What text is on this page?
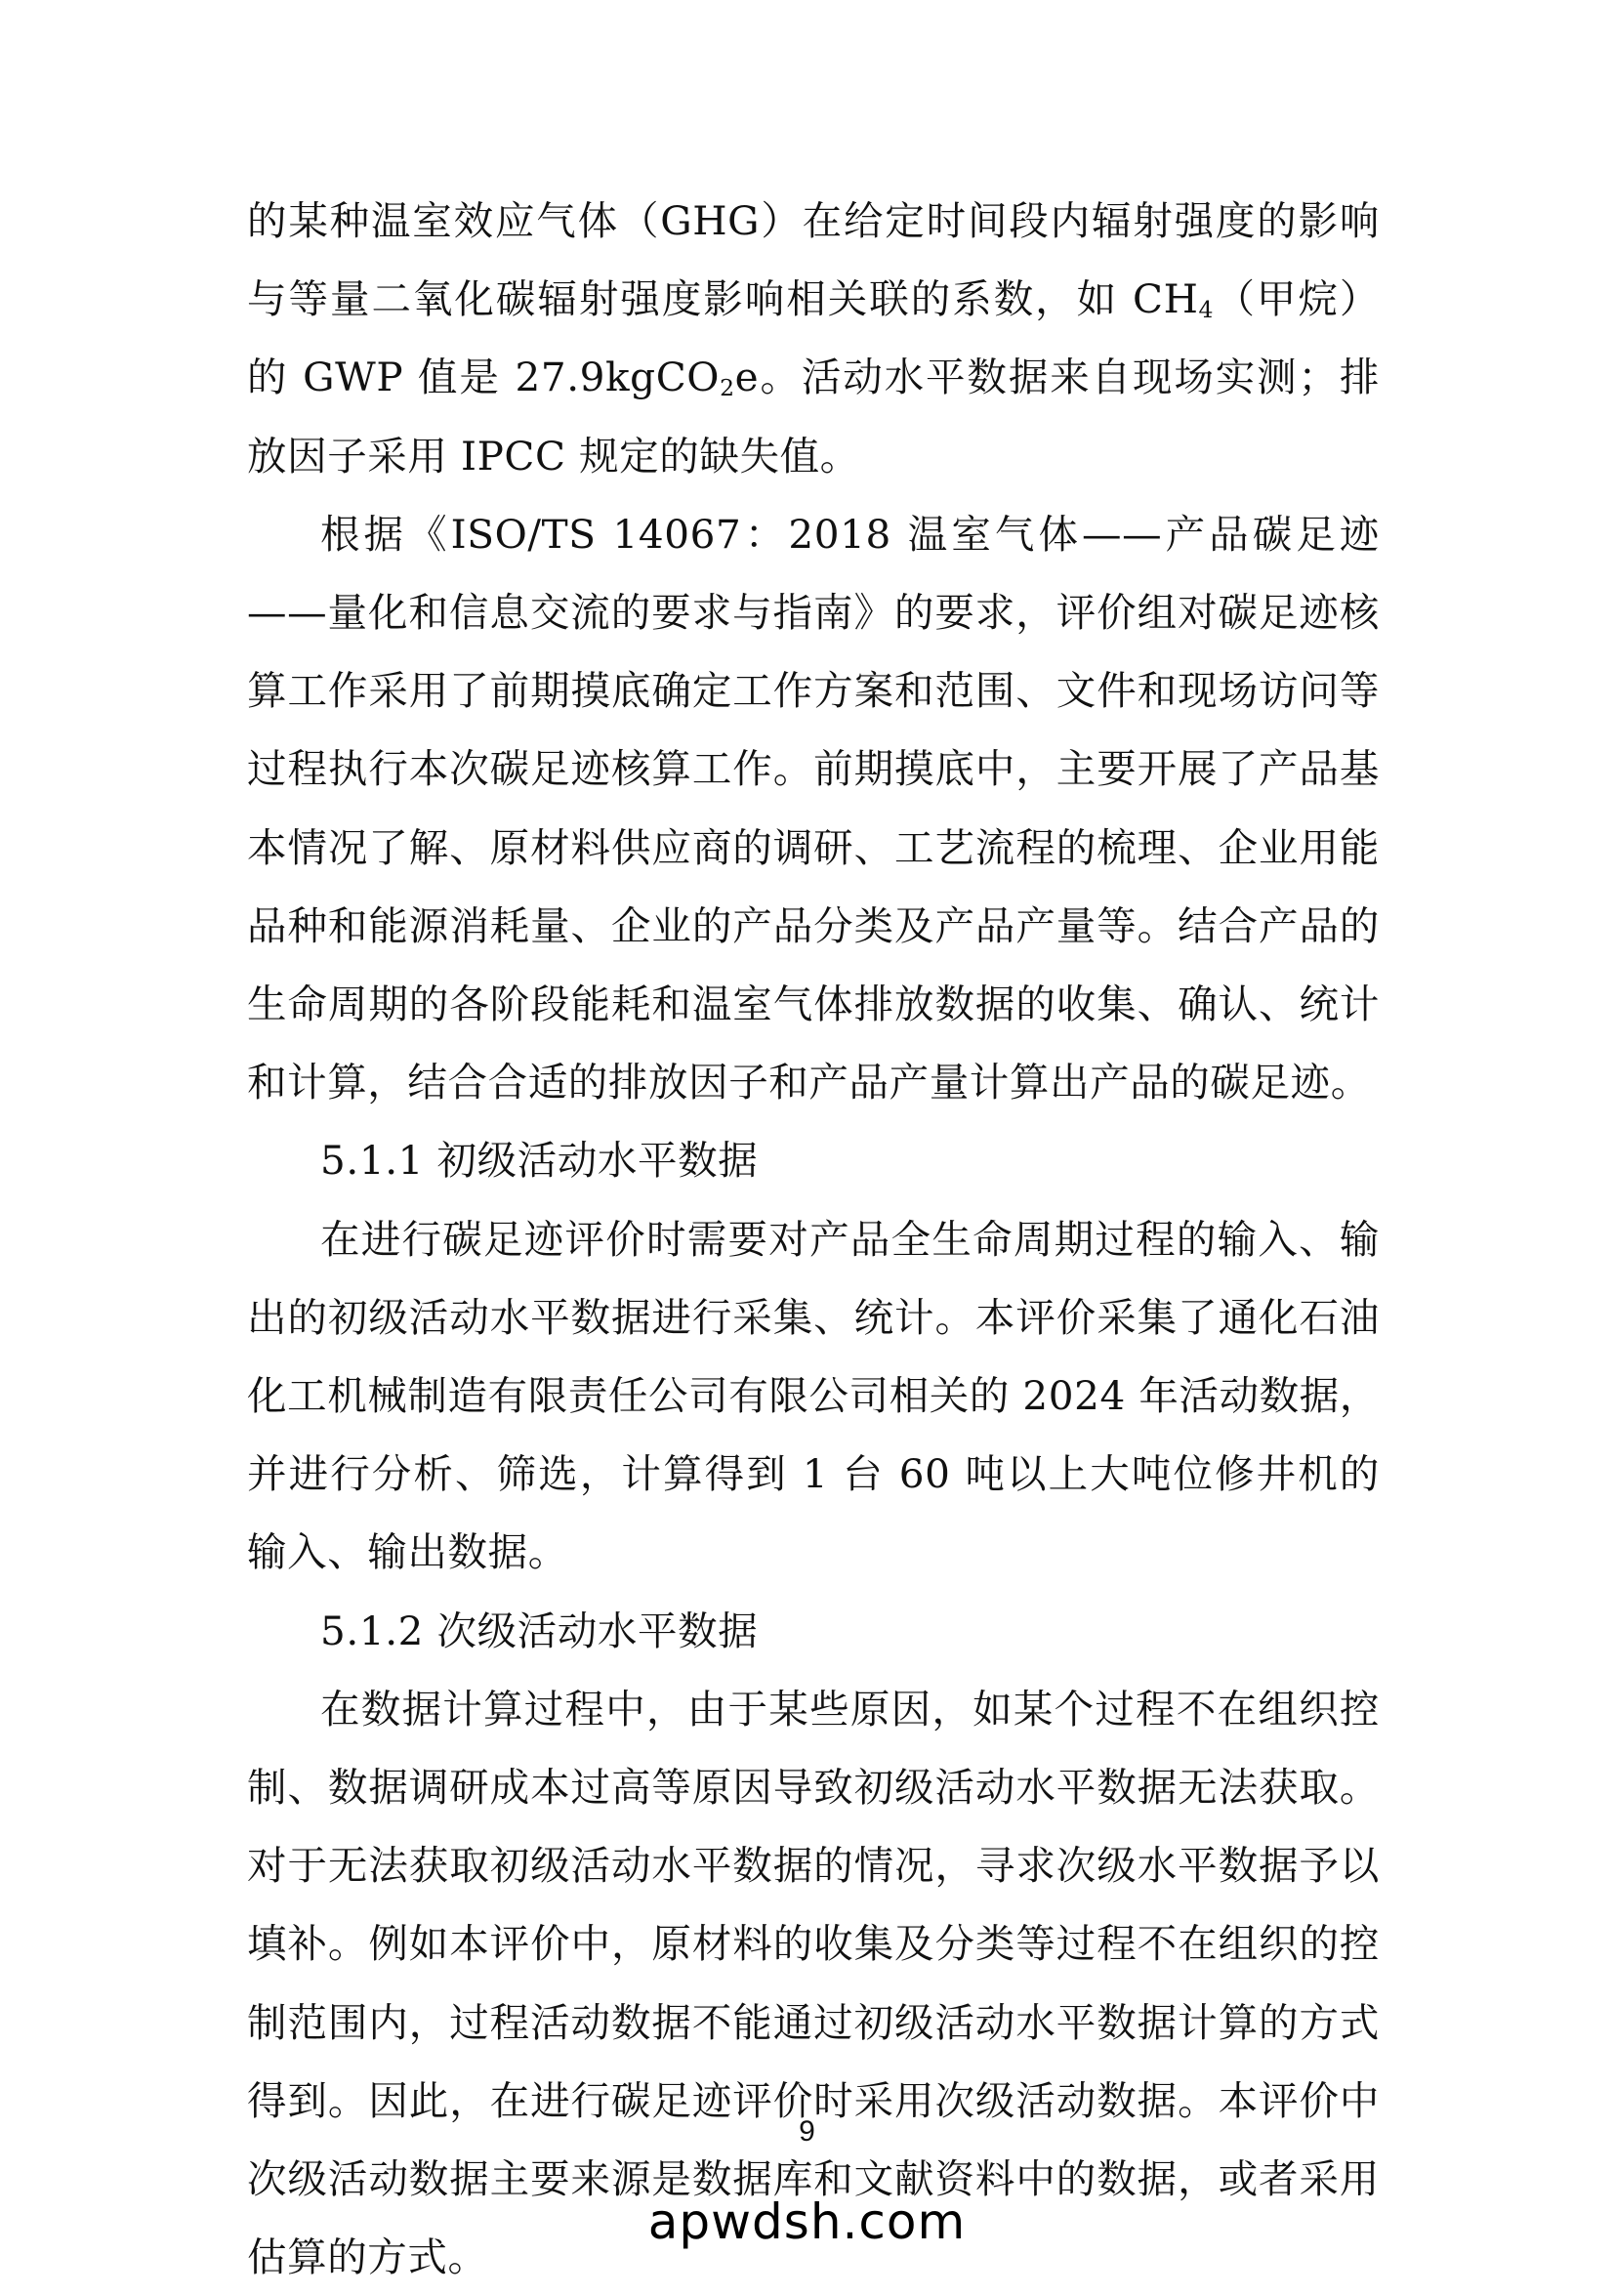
的某种温室效应气体（GHG）在给定时间段内辐射强度的影响与等量二氧化碳辐射强度影响相关联的系数，如 $CH_4$（甲烷）的 GWP 值是 27.9kgCO$_2$e。活动水平数据来自现场实测；排放因子采用 IPCC 规定的缺失值。

根据《ISO/TS 14067：2018 温室气体——产品碳足迹——量化和信息交流的要求与指南》的要求，评价组对碳足迹核算工作采用了前期摸底确定工作方案和范围、文件和现场访问等过程执行本次碳足迹核算工作。前期摸底中，主要开展了产品基本情况了解、原材料供应商的调研、工艺流程的梳理、企业用能品种和能源消耗量、企业的产品分类及产品产量等。结合产品的生命周期的各阶段能耗和温室气体排放数据的收集、确认、统计和计算，结合合适的排放因子和产品产量计算出产品的碳足迹。

5.1.1 初级活动水平数据

在进行碳足迹评价时需要对产品全生命周期过程的输入、输出的初级活动水平数据进行采集、统计。本评价采集了通化石油化工机械制造有限责任公司有限公司相关的 2024 年活动数据，并进行分析、筛选，计算得到 1 台 60 吨以上大吨位修井机的输入、输出数据。

5.1.2 次级活动水平数据

在数据计算过程中，由于某些原因，如某个过程不在组织控制、数据调研成本过高等原因导致初级活动水平数据无法获取。对于无法获取初级活动水平数据的情况，寻求次级水平数据予以填补。例如本评价中，原材料的收集及分类等过程不在组织的控制范围内，过程活动数据不能通过初级活动水平数据计算的方式得到。因此，在进行碳足迹评价时采用次级活动数据。本评价中次级活动数据主要来源是数据库和文献资料中的数据，或者采用估算的方式。

9
apwdsh.com
